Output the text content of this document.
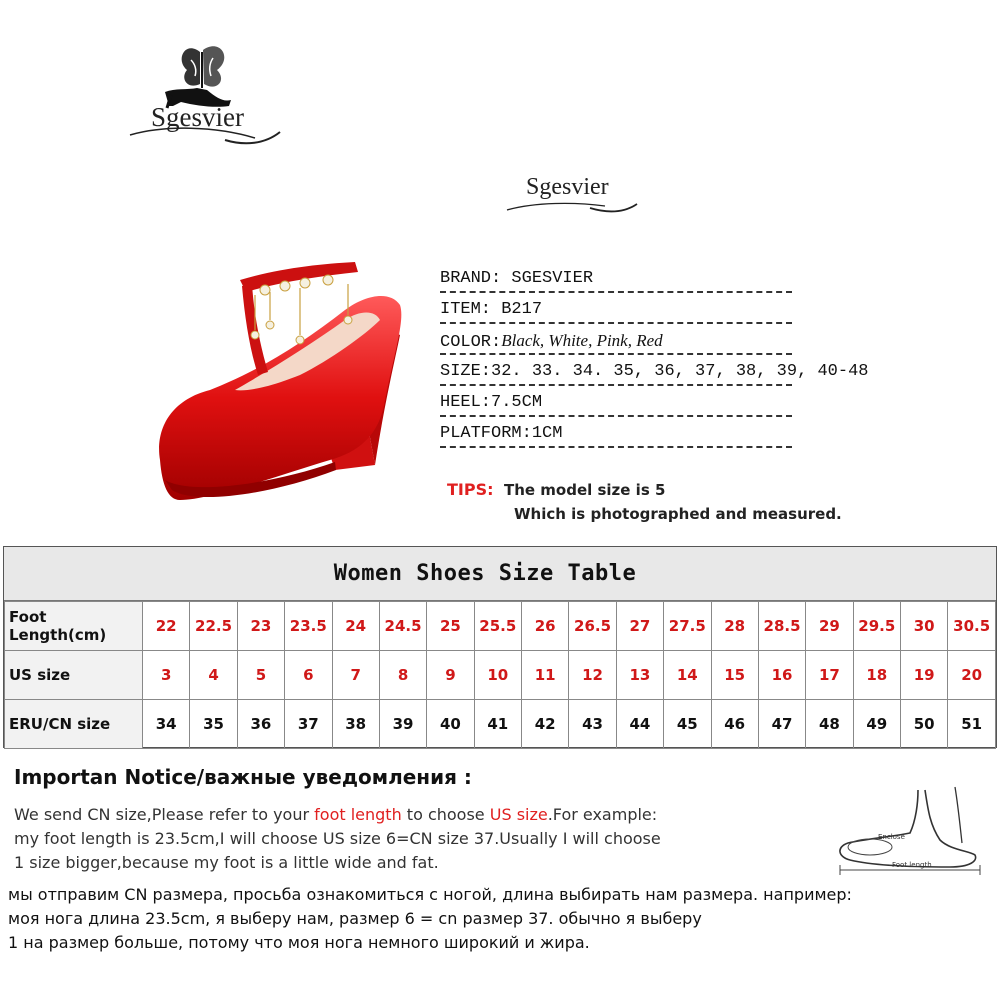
Sgesvier
Sgesvier
BRAND: SGESVIER
ITEM: B217
COLOR:Black, White, Pink, Red
SIZE:32. 33. 34. 35, 36, 37, 38, 39, 40-48
HEEL:7.5CM
PLATFORM:1CM
TIPS: The model size is 5
Which is photographed and measured.
Women Shoes Size Table
Foot Length(cm)	22	22.5	23	23.5	24	24.5	25	25.5	26	26.5	27	27.5	28	28.5	29	29.5	30	30.5
US size	3	4	5	6	7	8	9	10	11	12	13	14	15	16	17	18	19	20
ERU/CN size	34	35	36	37	38	39	40	41	42	43	44	45	46	47	48	49	50	51
Importan Notice/важные уведомления :
We send CN size,Please refer to your foot length to choose US size.For example:
my foot length is 23.5cm,I will choose US size 6=CN size 37.Usually I will choose
1 size bigger,because my foot is a little wide and fat.
мы отправим CN размера, просьба ознакомиться с ногой, длина выбирать нам размера. например:
моя нога длина 23.5cm, я выберу нам, размер 6 = cn размер 37. обычно я выберу
1 на размер больше, потому что моя нога немного широкий и жира.
Enclose
Foot length
